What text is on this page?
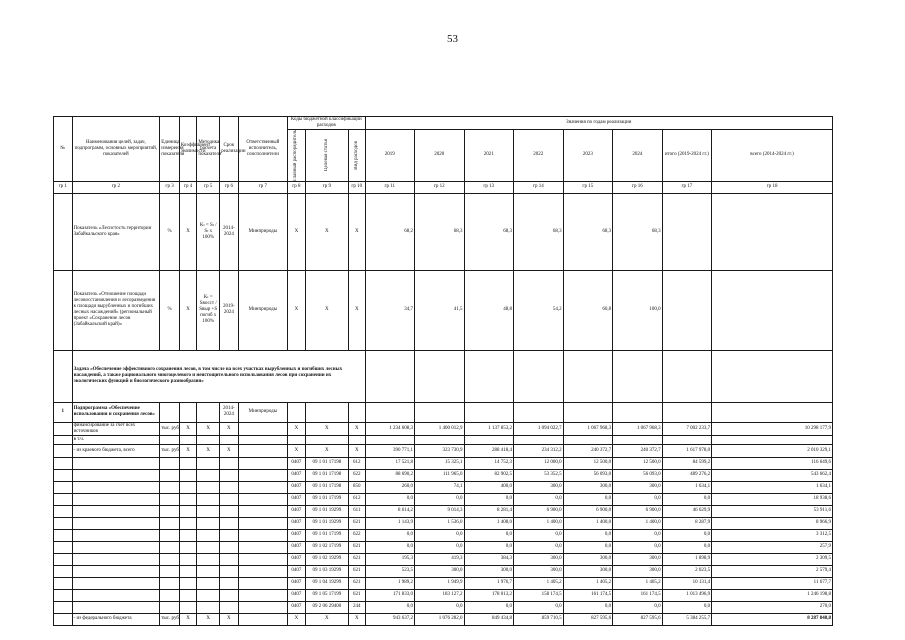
53
№	Наименования целей, задач, подпрограмм, основных мероприятий, показателей	Единица измерения показателя	Коэффициент значимости	Методика расчета показателя	Срок реализации	Ответственный исполнитель, соисполнители	Коды бюджетной классификации расходов			Значения по годам реализации							

							Главный распорядитель	Целевая статья	Вид расходов	2019	2020	2021	2022	2023	2024	итого (2019-2024 гг.)	всего (2014-2024 гг.)
гр 1	гр 2	гр 3	гр 4	гр 5	гр 6	гр 7	гр 8	гр 9	гр 10	гр 11	гр 12	гр 13	гр 14	гр 15	гр 16	гр 17	гр 18
	Показатель «Лесистость территории Забайкальского края»	%	X	Kₗ = Sₗ / Sₜ x 100%	2014-2024	Минприроды	X	X	X	68,2	68,3	68,3	68,3	68,3	68,3		
	Показатель «Отношение площади лесовосстановления и лесоразведения к площади вырубленных и погибших лесных насаждений» (региональный проект «Сохранение лесов (Забайкальский край)»	%	X	Kₗ = Sвосст / Sвыр +S погиб x 100%	2019-2024	Минприроды	X	X	X	34,7	41,5	48,8	54,2	60,8	100,0		
	Задача «Обеспечение эффективного сохранения лесов, в том числе на всех участках вырубленных и погибших лесных насаждений, а также рационального многоцелевого и неистощительного использования лесов при сохранении их экологических функций и биологического разнообразия»																
1	Подпрограмма «Обеспечение использования и сохранения лесов»				2014-2024	Минприроды											
	финансирование за счет всех источников	тыс. руб.	X	X	X		X	X	X	1 234 608,3	1 400 012,9	1 137 853,2	1 094 022,7	1 067 968,3	1 067 968,3	7 002 233,7	10 298 177,9
	в т.ч.																
	- из краевого бюджета, всего	тыс. руб.	X	X	X		X	X	X	390 771,1	323 730,9	288 418,4	234 312,2	240 372,7	240 372,7	1 617 978,0	2 010 329,1
							0407	09 1 01 17198	612	17 521,8	15 325,1	14 752,3	12 000,0	12 500,0	12 500,0	84 599,2	116 649,6
							0407	09 1 01 17198	622	88 690,2	111 965,0	82 902,5	53 352,5	56 093,0	56 093,0	489 276,2	543 662,4
							0407	09 1 01 17198	850	260,0	74,1	400,0	300,0	300,0	300,0	1 634,1	1 634,1
							0407	09 1 01 17199	612	0,0	0,0	0,0	0,0	0,0	0,0	0,0	18 938,6
							0407	09 1 01 19299	611	8 614,2	9 014,3	8 281,4	6 900,0	6 900,0	6 900,0	46 629,9	53 911,6
							0407	09 1 01 19299	621	1 143,9	1 536,0	1 408,0	1 400,0	1 400,0	1 400,0	8 287,9	8 966,9
							0407	09 1 01 17199	622	0,0	0,0	0,0	0,0	0,0	0,0	0,0	3 312,5
							0407	09 1 02 17199	621	0,0	0,0	0,0	0,0	0,0	0,0	0,0	257,9
							0407	09 1 02 19299	621	195,3	419,3	384,3	300,0	300,0	300,0	1 898,9	2 309,5
							0407	09 1 03 19299	621	523,5	300,0	300,0	300,0	300,0	300,0	2 023,5	2 579,4
							0407	09 1 04 19299	621	1 989,2	1 949,9	1 976,7	1 405,2	1 405,2	1 405,2	10 131,4	11 677,7
							0407	09 1 05 17199	621	171 833,0	183 127,2	178 013,2	158 174,5	161 174,5	161 174,5	1 013 496,9	1 246 198,8
							0407	09 2 06 29400	244	0,0	0,0	0,0	0,0	0,0	0,0	0,0	270,0
	- из федерального бюджета	тыс. руб.	X	X	X		X	X	X	943 637,2	1 076 282,0	849 434,8	859 710,5	827 595,6	827 595,6	5 384 255,7	8 287 848,8
